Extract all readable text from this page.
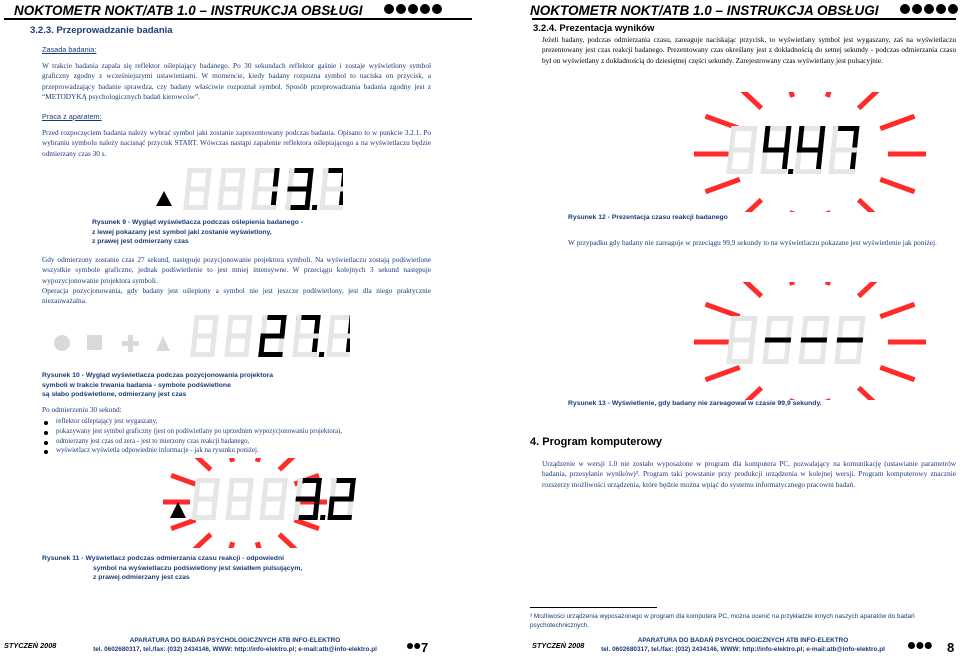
NOKTOMETR NOKT/ATB 1.0 – INSTRUKCJA OBSŁUGI
3.2.3. Przeprowadzanie badania
Zasada badania:
W trakcie badania zapala się reflektor oślepiający badanego. Po 30 sekundach reflektor gaśnie i zostaje wyświetlony symbol graficzny zgodny z wcześniejszymi ustawieniami. W momencie, kiedy badany rozpozna symbol to naciska on przycisk, a przeprowadzający badanie sprawdza, czy badany właściwie rozpoznał symbol. Sposób przeprowadzania badania zgodny jest z “METODYKĄ psychologicznych badań kierowców”.
Praca z aparatem:
Przed rozpoczęciem badania należy wybrać symbol jaki zostanie zaprezentowany podczas badania. Opisano to w punkcie 3.2.1. Po wybraniu symbolu należy nacisnąć przycisk START. Wówczas nastąpi zapalenie reflektora oślepiającego a na wyświetlaczu będzie odmierzany czas 30 s.
Rysunek 9 - Wygląd wyświetlacza podczas oślepienia badanego -
z lewej pokazany jest symbol jaki zostanie wyświetlony,
z prawej jest odmierzany czas
Gdy odmierzony zostanie czas 27 sekund, następuje pozycjonowanie projektora symboli. Na wyświetlaczu zostają podświetlone wszystkie symbole graficzne, jednak podświetlenie to jest mniej intensywne. W przeciągu kolejnych 3 sekund następuje wypozycjonowanie projektora symboli.
Operacja pozycjonowania, gdy badany jest oślepiony a symbol nie jest jeszcze podświetlony, jest dla niego praktycznie niezauważalna.
Rysunek 10 - Wygląd wyświetlacza podczas pozycjonowania projektora
symboli w trakcie trwania badania - symbole podświetlone
są słabo podświetlone, odmierzany jest czas
Po odmierzeniu 30 sekund:
reflektor oślepiający jest wygaszany,
pokazywany jest symbol graficzny (jest on podświetlany po uprzednim wypozycjonowaniu projektora),
odmierzany jest czas od zera - jest to mierzony czas reakcji badanego,
wyświetlacz wyświetla odpowiednie informacje - jak na rysunku poniżej.
Rysunek 11 - Wyświetlacz podczas odmierzania czasu reakcji - odpowiedni
symbol na wyświetlaczu podświetlony jest światłem pulsującym,
z prawej odmierzany jest czas
STYCZEŃ 2008
APARATURA DO BADAŃ PSYCHOLOGICZNYCH ATB INFO-ELEKTRO
tel. 0602680317, tel./fax: (032) 2434146, WWW: http://info-elektro.pl; e-mail:atb@info-elektro.pl	7
NOKTOMETR NOKT/ATB 1.0 – INSTRUKCJA OBSŁUGI
3.2.4. Prezentacja wyników
Jeżeli badany, podczas odmierzania czasu, zareaguje naciskając przycisk, to wyświetlany symbol jest wygaszany, zaś na wyświetlaczu prezentowany jest czas reakcji badanego. Prezentowany czas określany jest z dokładnością do setnej sekundy - podczas odmierzania czasu był on wyświetlany z dokładnością do dziesiętnej części sekundy. Zarejestrowany czas wyświetlany jest pulsacyjnie.
Rysunek 12 - Prezentacja czasu reakcji badanego
W przypadku gdy badany nie zareaguje w przeciągu 99,9 sekundy to na wyświetlaczu pokazane jest wyświetlenie jak poniżej.
Rysunek 13 - Wyświetlenie, gdy badany nie zareagował w czasie 99,9 sekundy.
4. Program komputerowy
Urządzenie w wersji 1.0 nie zostało wyposażone w program dla komputera PC, pozwalający na komunikację (ustawianie parametrów badania, przesyłanie wyników)³. Program taki powstanie przy produkcji urządzenia w kolejnej wersji. Program komputerowy znacznie rozszerzy możliwości urządzenia, które będzie można wpiąć do systemu informatycznego pracowni badań.
³ Możliwości urządzenia wyposażonego w program dla komputera PC, można ocenić na przykładzie innych naszych aparatów do badań psychotechnicznych.
STYCZEŃ 2008
APARATURA DO BADAŃ PSYCHOLOGICZNYCH ATB INFO-ELEKTRO
tel. 0602680317, tel./fax: (032) 2434146, WWW: http://info-elektro.pl; e-mail:atb@info-elektro.pl	8
